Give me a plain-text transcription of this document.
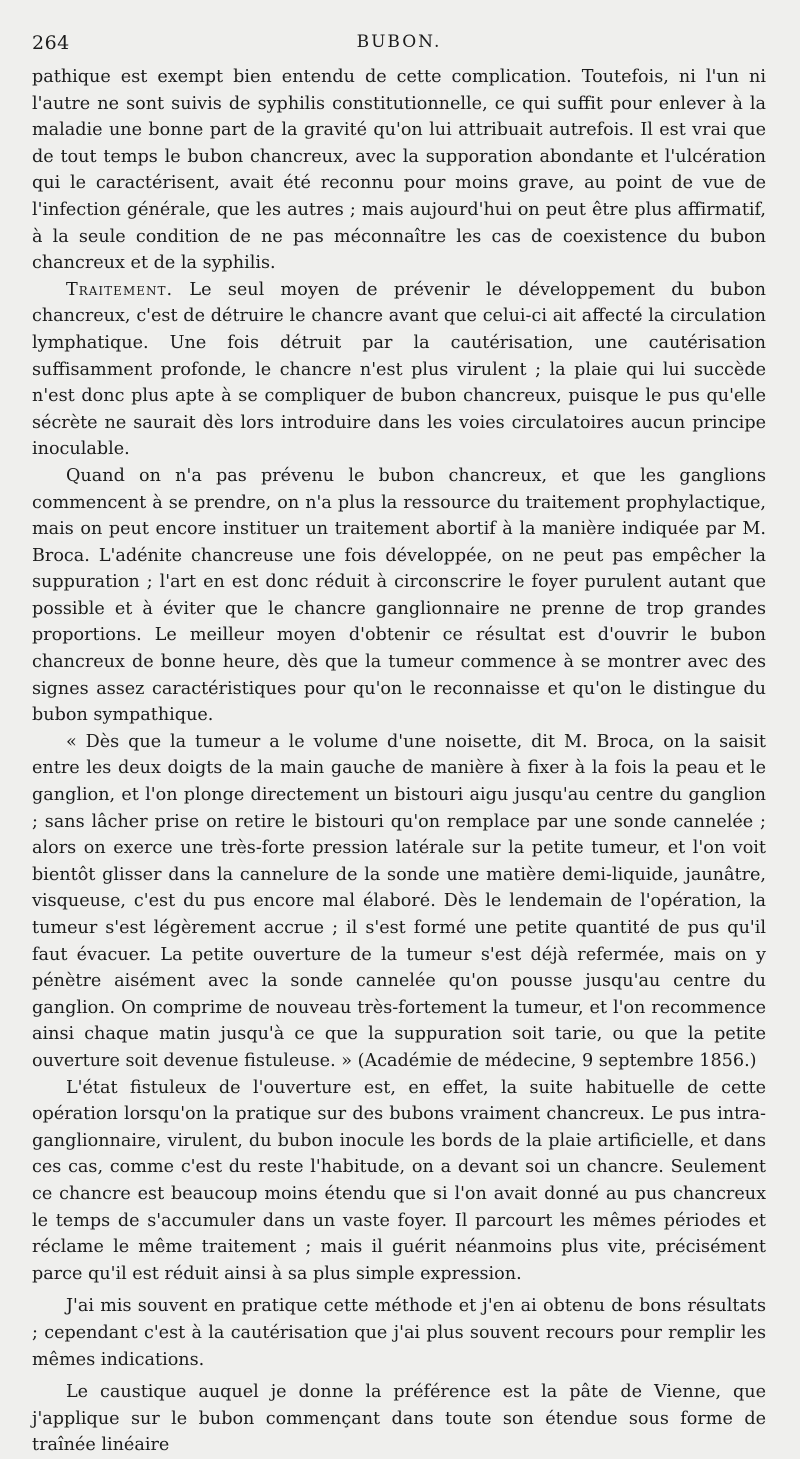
264	BUBON.

pathique est exempt bien entendu de cette complication. Toutefois, ni l'un ni l'autre ne sont suivis de syphilis constitutionnelle, ce qui suffit pour enlever à la maladie une bonne part de la gravité qu'on lui attribuait autrefois. Il est vrai que de tout temps le bubon chancreux, avec la supporation abondante et l'ulcération qui le caractérisent, avait été reconnu pour moins grave, au point de vue de l'infection générale, que les autres ; mais aujourd'hui on peut être plus affirmatif, à la seule condition de ne pas méconnaître les cas de coexistence du bubon chancreux et de la syphilis.

Traitement. Le seul moyen de prévenir le développement du bubon chancreux, c'est de détruire le chancre avant que celui-ci ait affecté la circulation lymphatique. Une fois détruit par la cautérisation, une cautérisation suffisamment profonde, le chancre n'est plus virulent ; la plaie qui lui succède n'est donc plus apte à se compliquer de bubon chancreux, puisque le pus qu'elle sécrète ne saurait dès lors introduire dans les voies circulatoires aucun principe inoculable.

Quand on n'a pas prévenu le bubon chancreux, et que les ganglions commencent à se prendre, on n'a plus la ressource du traitement prophylactique, mais on peut encore instituer un traitement abortif à la manière indiquée par M. Broca. L'adénite chancreuse une fois développée, on ne peut pas empêcher la suppuration ; l'art en est donc réduit à circonscrire le foyer purulent autant que possible et à éviter que le chancre ganglionnaire ne prenne de trop grandes proportions. Le meilleur moyen d'obtenir ce résultat est d'ouvrir le bubon chancreux de bonne heure, dès que la tumeur commence à se montrer avec des signes assez caractéristiques pour qu'on le reconnaisse et qu'on le distingue du bubon sympathique.

« Dès que la tumeur a le volume d'une noisette, dit M. Broca, on la saisit entre les deux doigts de la main gauche de manière à fixer à la fois la peau et le ganglion, et l'on plonge directement un bistouri aigu jusqu'au centre du ganglion ; sans lâcher prise on retire le bistouri qu'on remplace par une sonde cannelée ; alors on exerce une très-forte pression latérale sur la petite tumeur, et l'on voit bientôt glisser dans la cannelure de la sonde une matière demi-liquide, jaunâtre, visqueuse, c'est du pus encore mal élaboré. Dès le lendemain de l'opération, la tumeur s'est légèrement accrue ; il s'est formé une petite quantité de pus qu'il faut évacuer. La petite ouverture de la tumeur s'est déjà refermée, mais on y pénètre aisément avec la sonde cannelée qu'on pousse jusqu'au centre du ganglion. On comprime de nouveau très-fortement la tumeur, et l'on recommence ainsi chaque matin jusqu'à ce que la suppuration soit tarie, ou que la petite ouverture soit devenue fistuleuse. » (Académie de médecine, 9 septembre 1856.)

L'état fistuleux de l'ouverture est, en effet, la suite habituelle de cette opération lorsqu'on la pratique sur des bubons vraiment chancreux. Le pus intra-ganglionnaire, virulent, du bubon inocule les bords de la plaie artificielle, et dans ces cas, comme c'est du reste l'habitude, on a devant soi un chancre. Seulement ce chancre est beaucoup moins étendu que si l'on avait donné au pus chancreux le temps de s'accumuler dans un vaste foyer. Il parcourt les mêmes périodes et réclame le même traitement ; mais il guérit néanmoins plus vite, précisément parce qu'il est réduit ainsi à sa plus simple expression.

J'ai mis souvent en pratique cette méthode et j'en ai obtenu de bons résultats ; cependant c'est à la cautérisation que j'ai plus souvent recours pour remplir les mêmes indications.

Le caustique auquel je donne la préférence est la pâte de Vienne, que j'applique sur le bubon commençant dans toute son étendue sous forme de traînée linéaire
